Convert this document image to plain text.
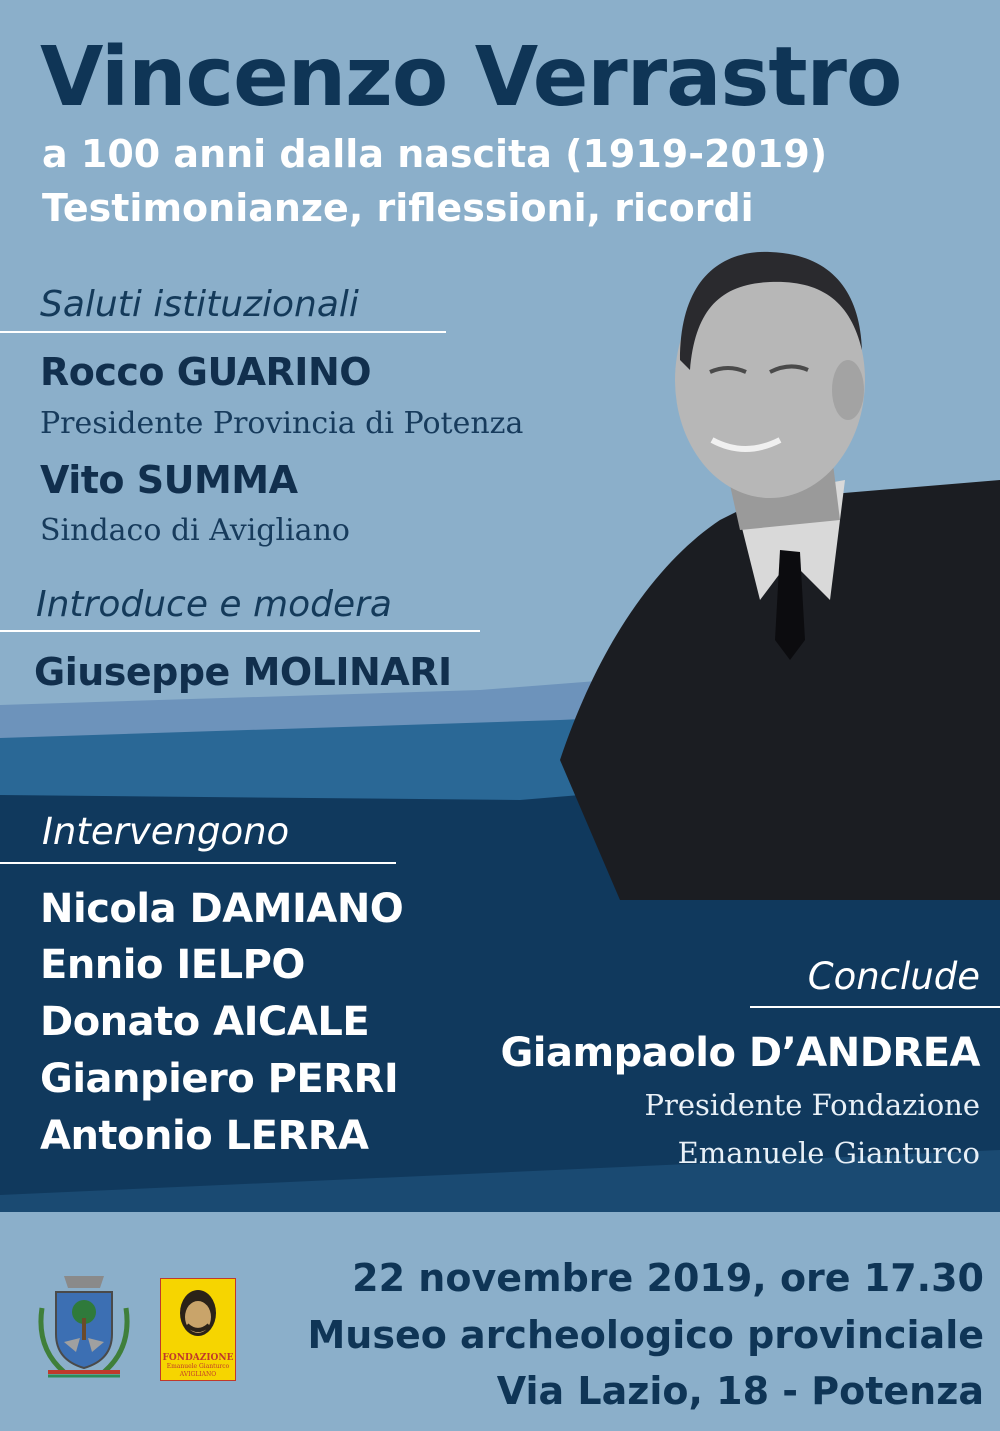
Vincenzo Verrastro
a 100 anni dalla nascita (1919-2019)
Testimonianze, riflessioni, ricordi
Saluti istituzionali
Rocco GUARINO
Presidente Provincia di Potenza
Vito SUMMA
Sindaco di Avigliano
Introduce e modera
Giuseppe MOLINARI
Intervengono
Nicola DAMIANO
Ennio IELPO
Donato AICALE
Gianpiero PERRI
Antonio LERRA
Conclude
Giampaolo D’ANDREA
Presidente Fondazione
Emanuele Gianturco
22 novembre 2019, ore 17.30
Museo archeologico provinciale
Via Lazio, 18 - Potenza
FONDAZIONE
Emanuele Gianturco
AVIGLIANO
